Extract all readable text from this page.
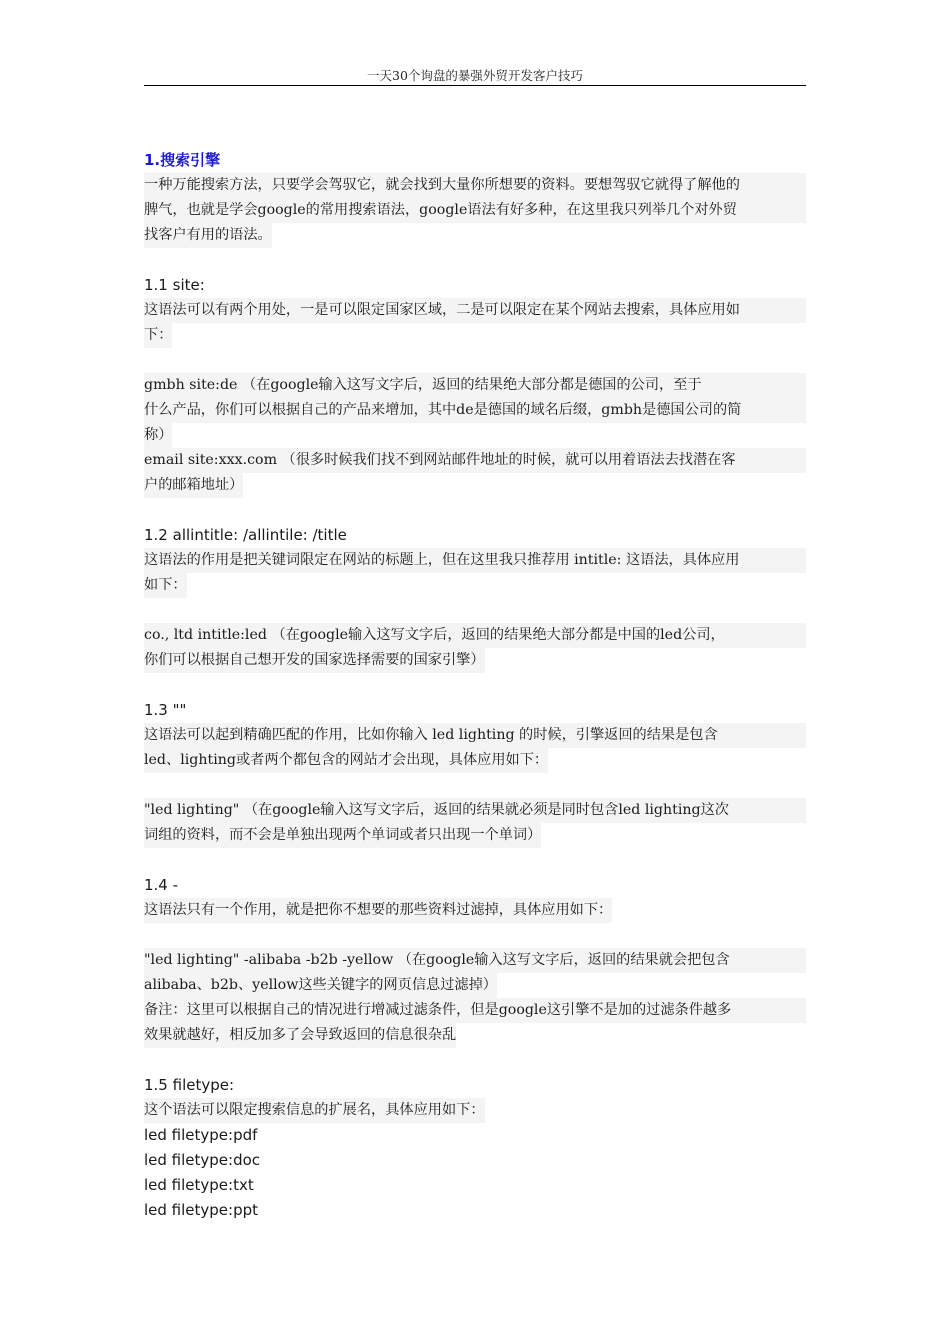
一天30个询盘的暴强外贸开发客户技巧
1.搜索引擎
一种万能搜索方法，只要学会驾驭它，就会找到大量你所想要的资料。要想驾驭它就得了解他的
脾气，也就是学会google的常用搜索语法，google语法有好多种，在这里我只列举几个对外贸
找客户有用的语法。
1.1 site:
这语法可以有两个用处，一是可以限定国家区域，二是可以限定在某个网站去搜索，具体应用如
下：
gmbh site:de （在google输入这写文字后，返回的结果绝大部分都是德国的公司，至于
什么产品，你们可以根据自己的产品来增加，其中de是德国的域名后缀，gmbh是德国公司的简
称）
email site:xxx.com （很多时候我们找不到网站邮件地址的时候，就可以用着语法去找潜在客
户的邮箱地址）
1.2 allintitle: /allintile: /title
这语法的作用是把关键词限定在网站的标题上，但在这里我只推荐用 intitle: 这语法，具体应用
如下：
co., ltd intitle:led （在google输入这写文字后，返回的结果绝大部分都是中国的led公司，
你们可以根据自己想开发的国家选择需要的国家引擎）
1.3 ""
这语法可以起到精确匹配的作用，比如你输入 led lighting 的时候，引擎返回的结果是包含
led、lighting或者两个都包含的网站才会出现，具体应用如下：
"led lighting" （在google输入这写文字后，返回的结果就必须是同时包含led lighting这次
词组的资料，而不会是单独出现两个单词或者只出现一个单词）
1.4 -
这语法只有一个作用，就是把你不想要的那些资料过滤掉，具体应用如下：
"led lighting" -alibaba -b2b -yellow （在google输入这写文字后，返回的结果就会把包含
alibaba、b2b、yellow这些关键字的网页信息过滤掉）
备注：这里可以根据自己的情况进行增减过滤条件，但是google这引擎不是加的过滤条件越多
效果就越好，相反加多了会导致返回的信息很杂乱
1.5 filetype:
这个语法可以限定搜索信息的扩展名，具体应用如下：
led filetype:pdf
led filetype:doc
led filetype:txt
led filetype:ppt
